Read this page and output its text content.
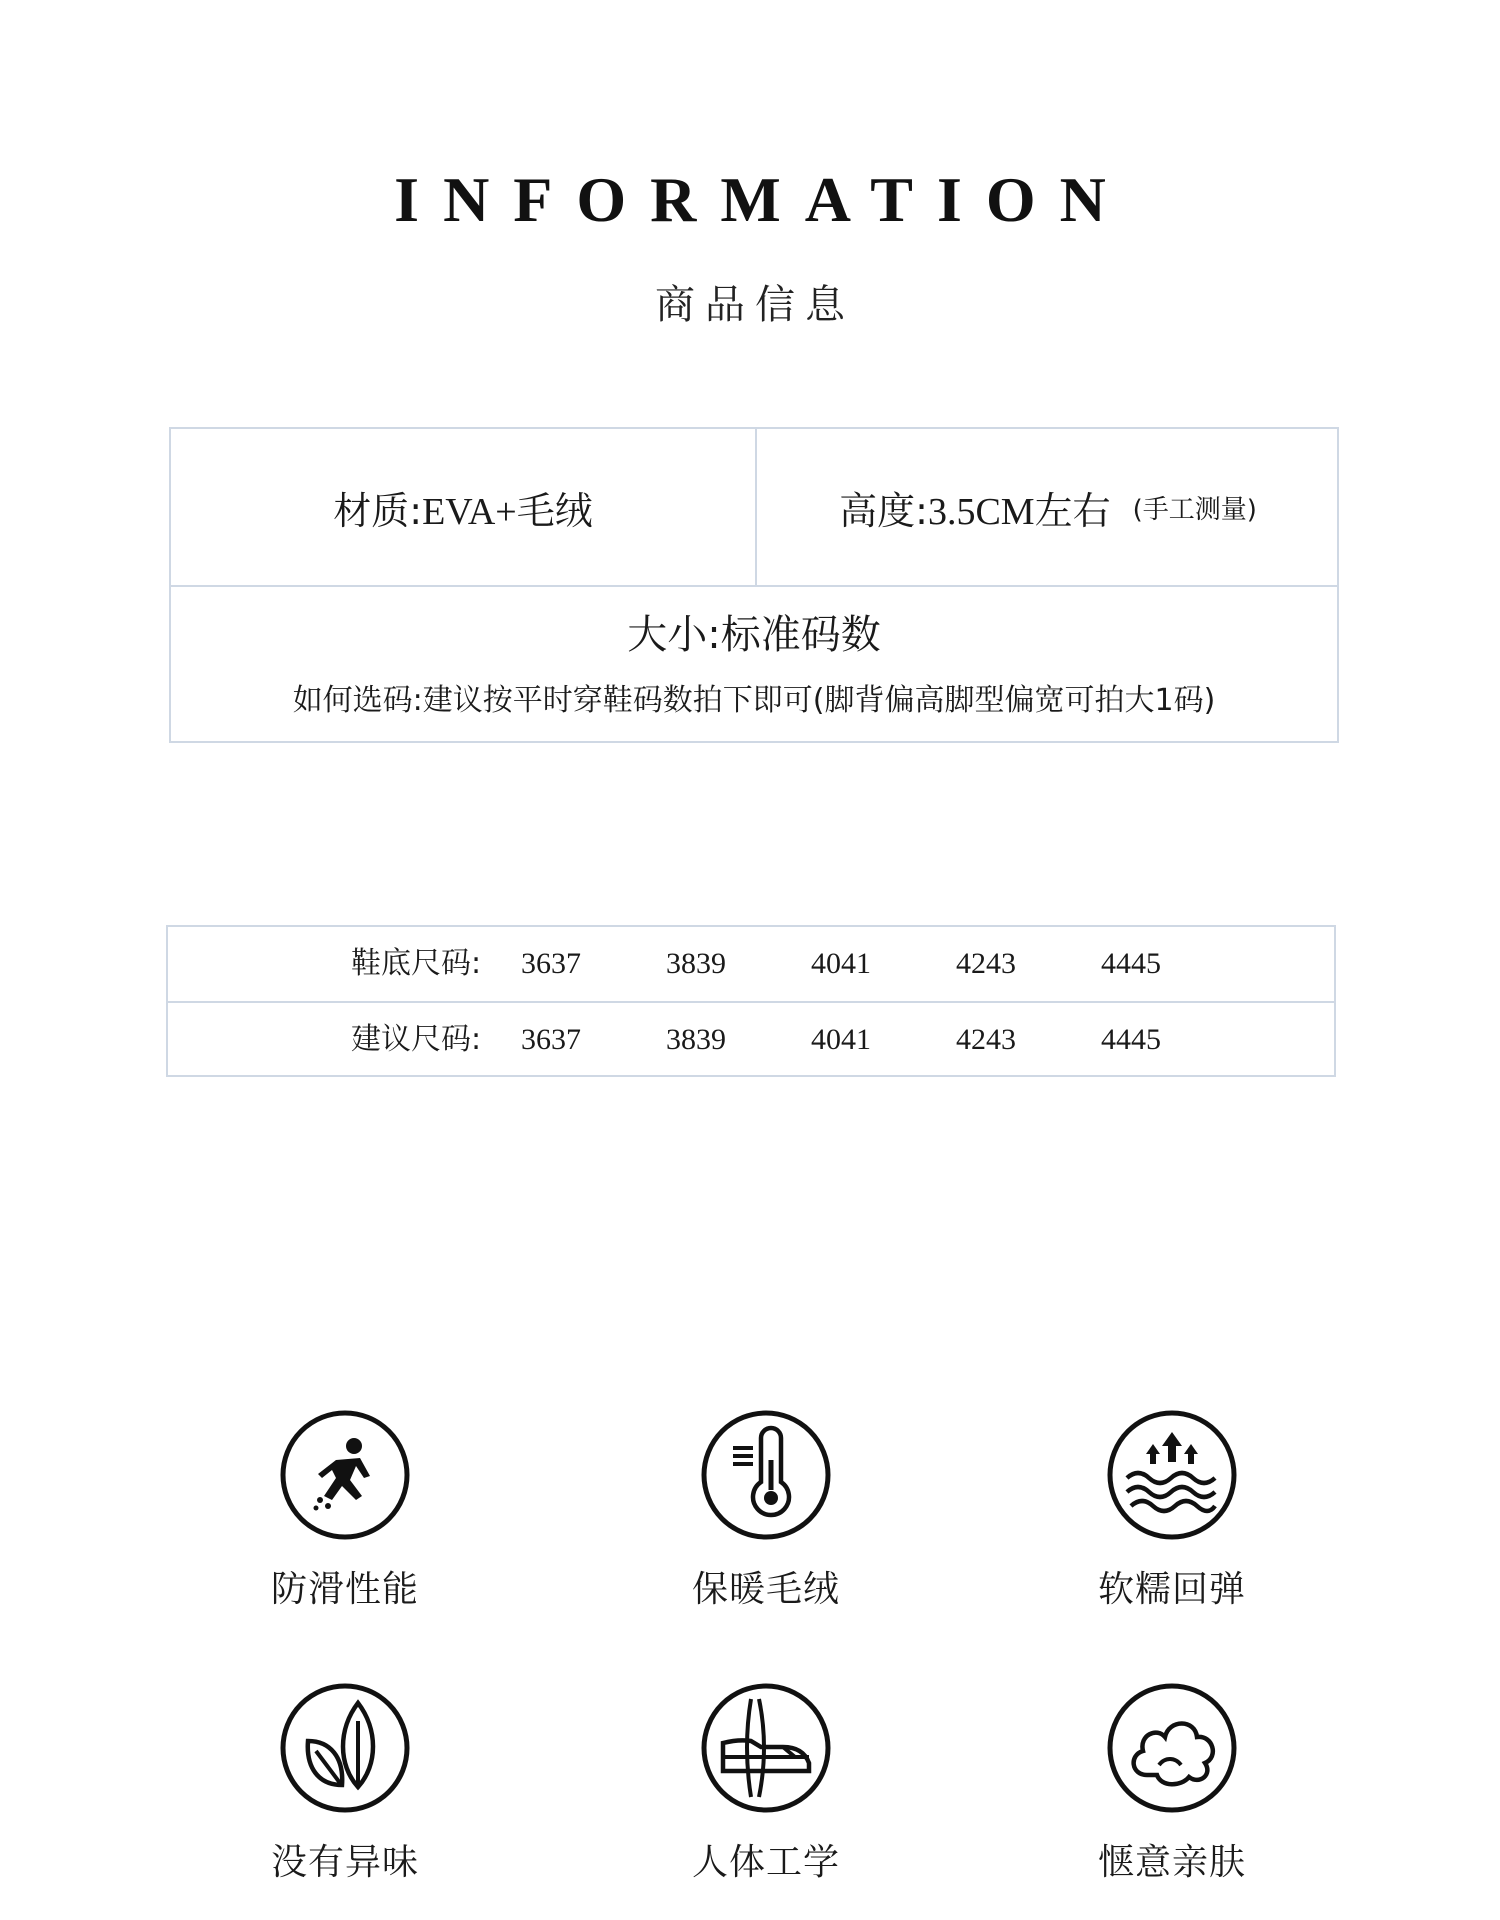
INFORMATION
商品信息
材质: EVA+毛绒	高度: 3.5CM左右 (手工测量)
大小:标准码数
如何选码:建议按平时穿鞋码数拍下即可(脚背偏高脚型偏宽可拍大1码)
鞋底尺码: 3637	3839	4041	4243	4445
建议尺码: 3637	3839	4041	4243	4445
防滑性能	保暖毛绒	软糯回弹
没有异味	人体工学	惬意亲肤
